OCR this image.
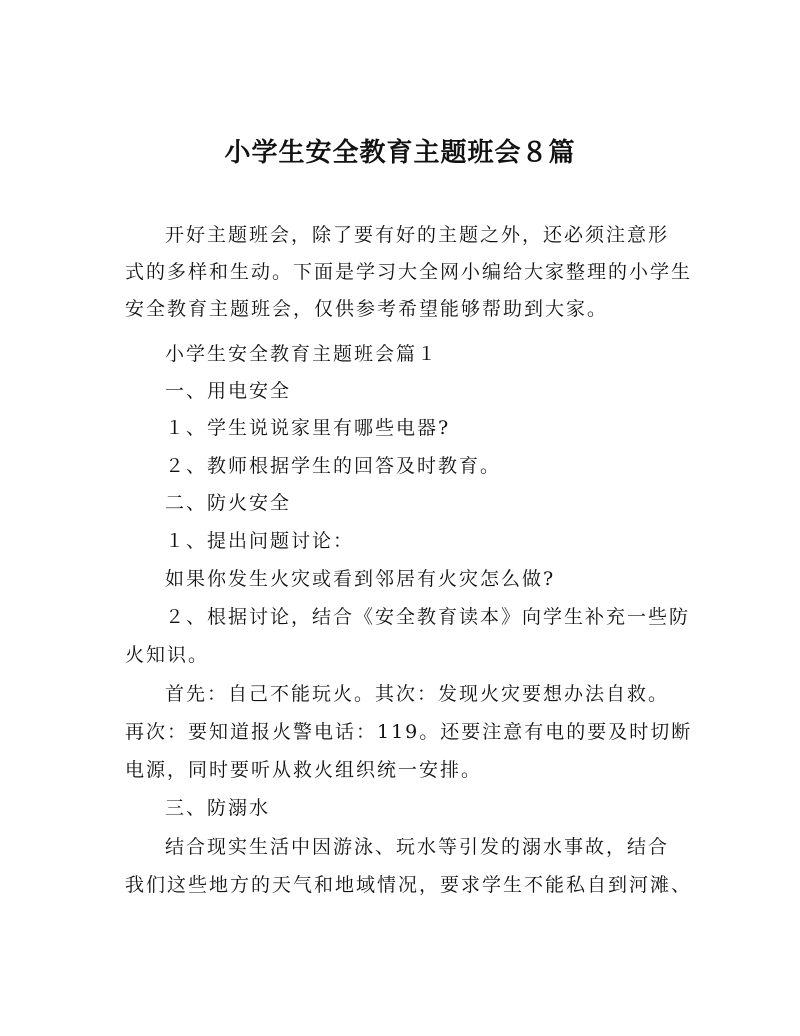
小学生安全教育主题班会８篇

开好主题班会，除了要有好的主题之外，还必须注意形

式的多样和生动。下面是学习大全网小编给大家整理的小学生

安全教育主题班会，仅供参考希望能够帮助到大家。

小学生安全教育主题班会篇１

一、用电安全

１、学生说说家里有哪些电器?

２、教师根据学生的回答及时教育。

二、防火安全

１、提出问题讨论：

如果你发生火灾或看到邻居有火灾怎么做?

２、根据讨论，结合《安全教育读本》向学生补充一些防

火知识。

首先：自己不能玩火。其次：发现火灾要想办法自救。

再次：要知道报火警电话：119。还要注意有电的要及时切断

电源，同时要听从救火组织统一安排。

三、防溺水

结合现实生活中因游泳、玩水等引发的溺水事故，结合

我们这些地方的天气和地域情况，要求学生不能私自到河滩、
